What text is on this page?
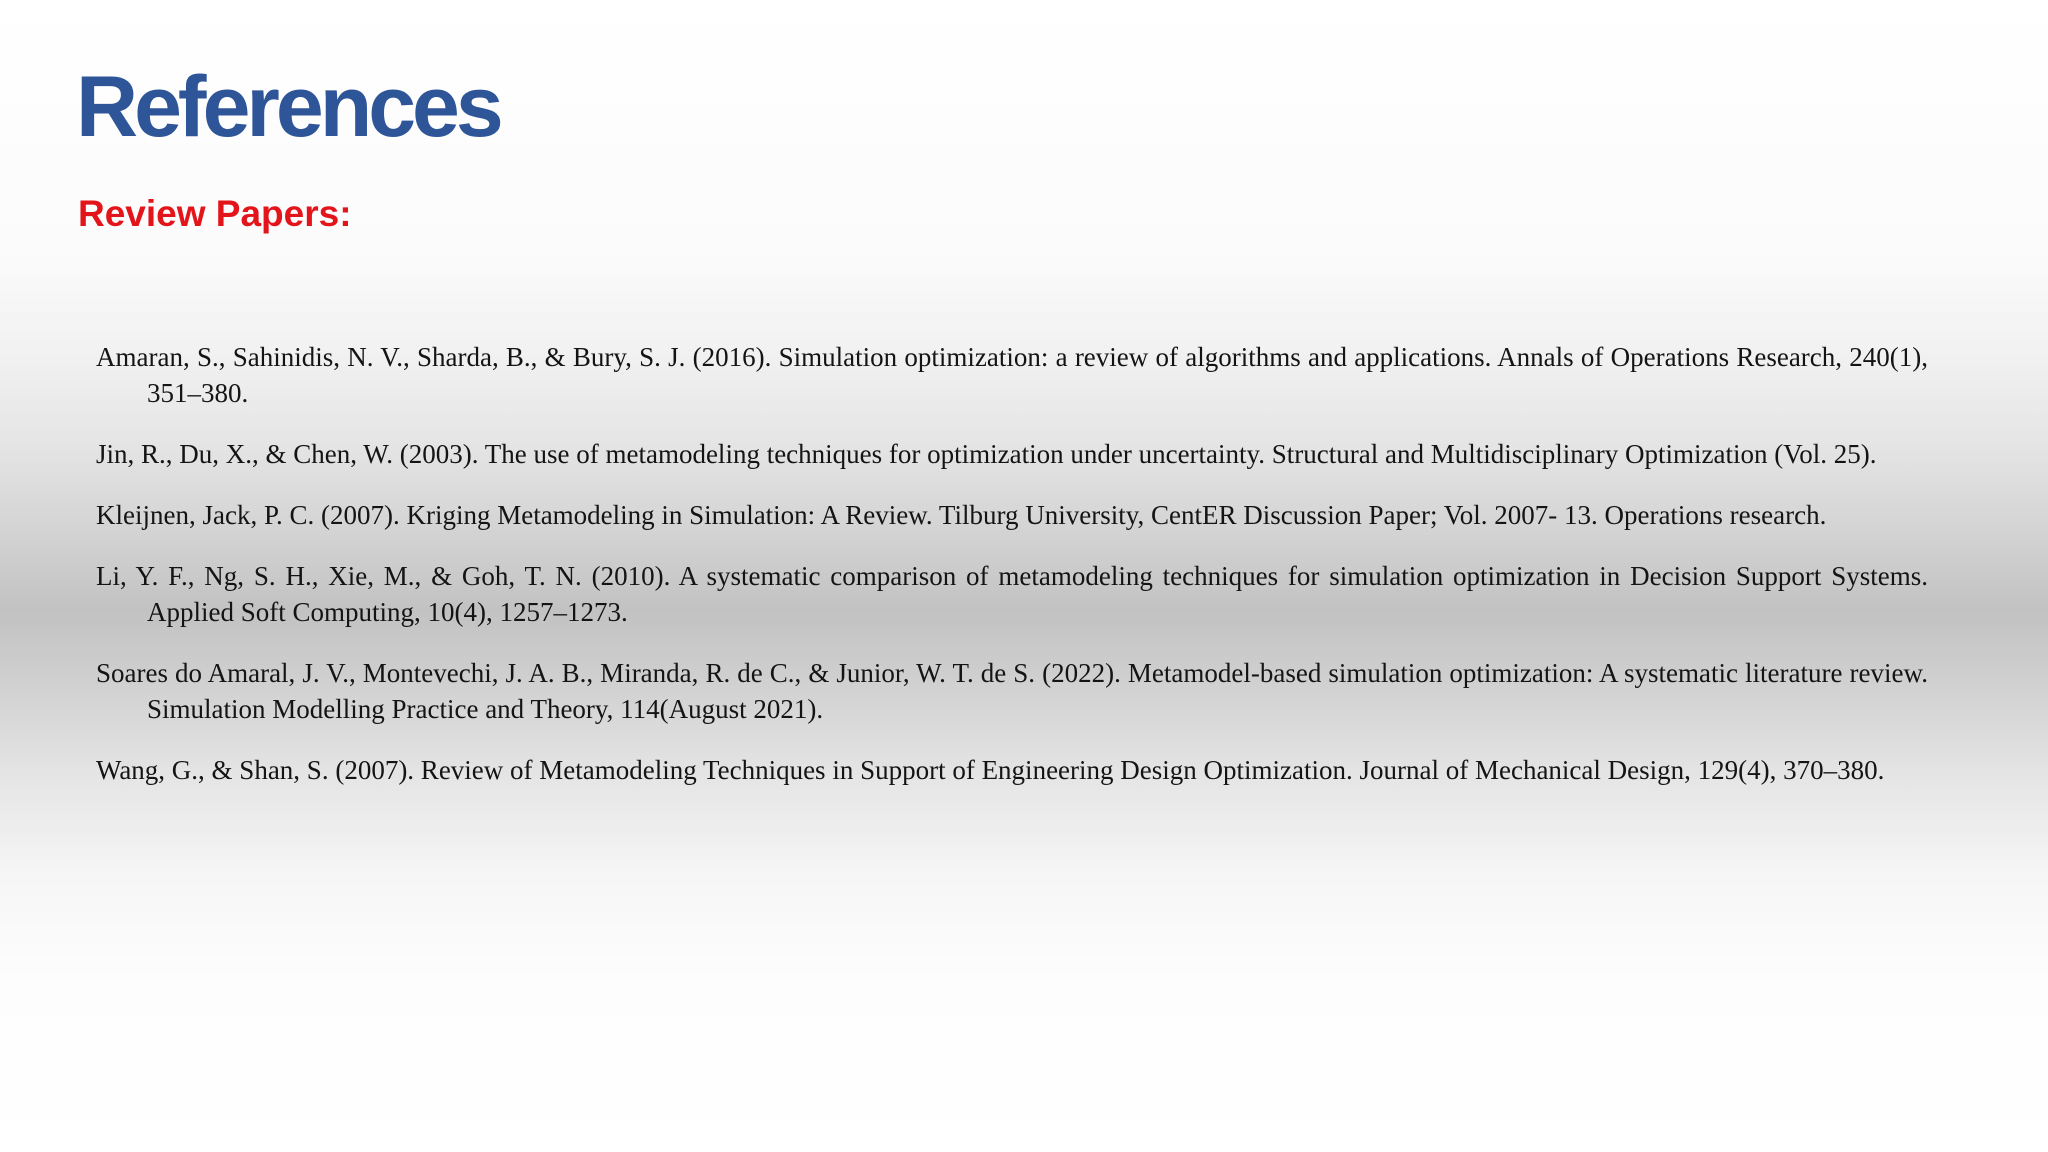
References
Review Papers:
Amaran, S., Sahinidis, N. V., Sharda, B., & Bury, S. J. (2016). Simulation optimization: a review of algorithms and applications. Annals of Operations Research, 240(1), 351–380.
Jin, R., Du, X., & Chen, W. (2003). The use of metamodeling techniques for optimization under uncertainty. Structural and Multidisciplinary Optimization (Vol. 25).
Kleijnen, Jack, P. C. (2007). Kriging Metamodeling in Simulation: A Review. Tilburg University, CentER Discussion Paper; Vol. 2007- 13. Operations research.
Li, Y. F., Ng, S. H., Xie, M., & Goh, T. N. (2010). A systematic comparison of metamodeling techniques for simulation optimization in Decision Support Systems. Applied Soft Computing, 10(4), 1257–1273.
Soares do Amaral, J. V., Montevechi, J. A. B., Miranda, R. de C., & Junior, W. T. de S. (2022). Metamodel-based simulation optimization: A systematic literature review. Simulation Modelling Practice and Theory, 114(August 2021).
Wang, G., & Shan, S. (2007). Review of Metamodeling Techniques in Support of Engineering Design Optimization. Journal of Mechanical Design, 129(4), 370–380.
